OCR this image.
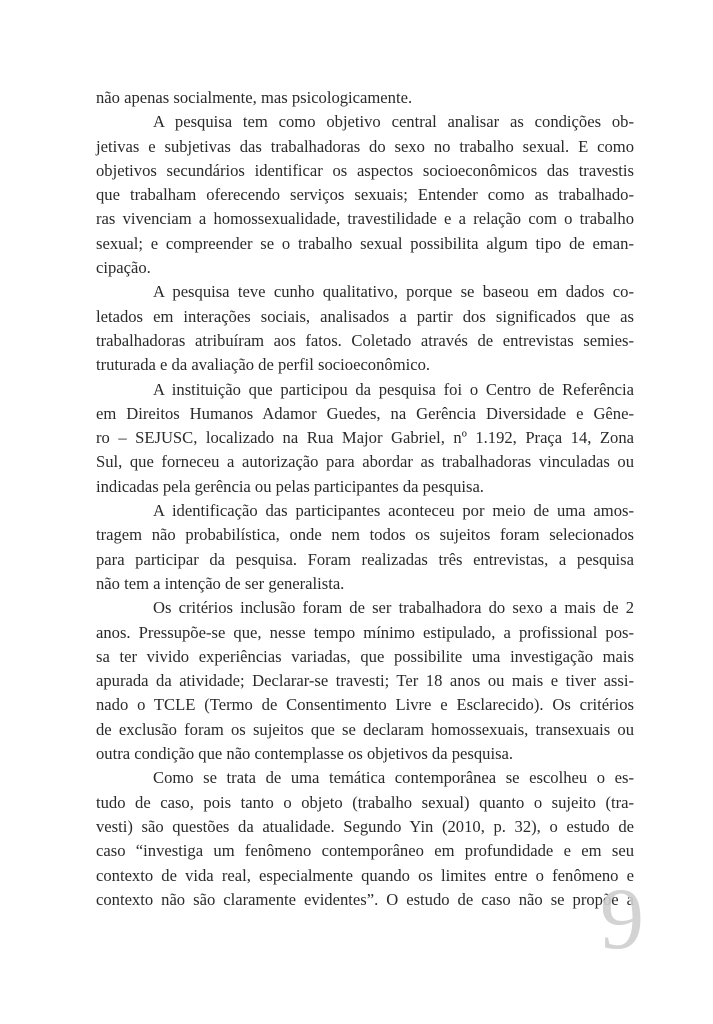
não apenas socialmente, mas psicologicamente.
A pesquisa tem como objetivo central analisar as condições ob-
jetivas e subjetivas das trabalhadoras do sexo no trabalho sexual. E como
objetivos secundários identificar os aspectos socioeconômicos das travestis
que trabalham oferecendo serviços sexuais; Entender como as trabalhado-
ras vivenciam a homossexualidade, travestilidade e a relação com o trabalho
sexual; e compreender se o trabalho sexual possibilita algum tipo de eman-
cipação.
A pesquisa teve cunho qualitativo, porque se baseou em dados co-
letados em interações sociais, analisados a partir dos significados que as
trabalhadoras atribuíram aos fatos. Coletado através de entrevistas semies-
truturada e da avaliação de perfil socioeconômico.
A instituição que participou da pesquisa foi o Centro de Referência
em Direitos Humanos Adamor Guedes, na Gerência Diversidade e Gêne-
ro – SEJUSC, localizado na Rua Major Gabriel, nº 1.192, Praça 14, Zona
Sul, que forneceu a autorização para abordar as trabalhadoras vinculadas ou
indicadas pela gerência ou pelas participantes da pesquisa.
A identificação das participantes aconteceu por meio de uma amos-
tragem não probabilística, onde nem todos os sujeitos foram selecionados
para participar da pesquisa. Foram realizadas três entrevistas, a pesquisa
não tem a intenção de ser generalista.
Os critérios inclusão foram de ser trabalhadora do sexo a mais de 2
anos. Pressupõe-se que, nesse tempo mínimo estipulado, a profissional pos-
sa ter vivido experiências variadas, que possibilite uma investigação mais
apurada da atividade; Declarar-se travesti; Ter 18 anos ou mais e tiver assi-
nado o TCLE (Termo de Consentimento Livre e Esclarecido). Os critérios
de exclusão foram os sujeitos que se declaram homossexuais, transexuais ou
outra condição que não contemplasse os objetivos da pesquisa.
Como se trata de uma temática contemporânea se escolheu o es-
tudo de caso, pois tanto o objeto (trabalho sexual) quanto o sujeito (tra-
vesti) são questões da atualidade. Segundo Yin (2010, p. 32), o estudo de
caso “investiga um fenômeno contemporâneo em profundidade e em seu
contexto de vida real, especialmente quando os limites entre o fenômeno e
contexto não são claramente evidentes”. O estudo de caso não se propõe a
9
